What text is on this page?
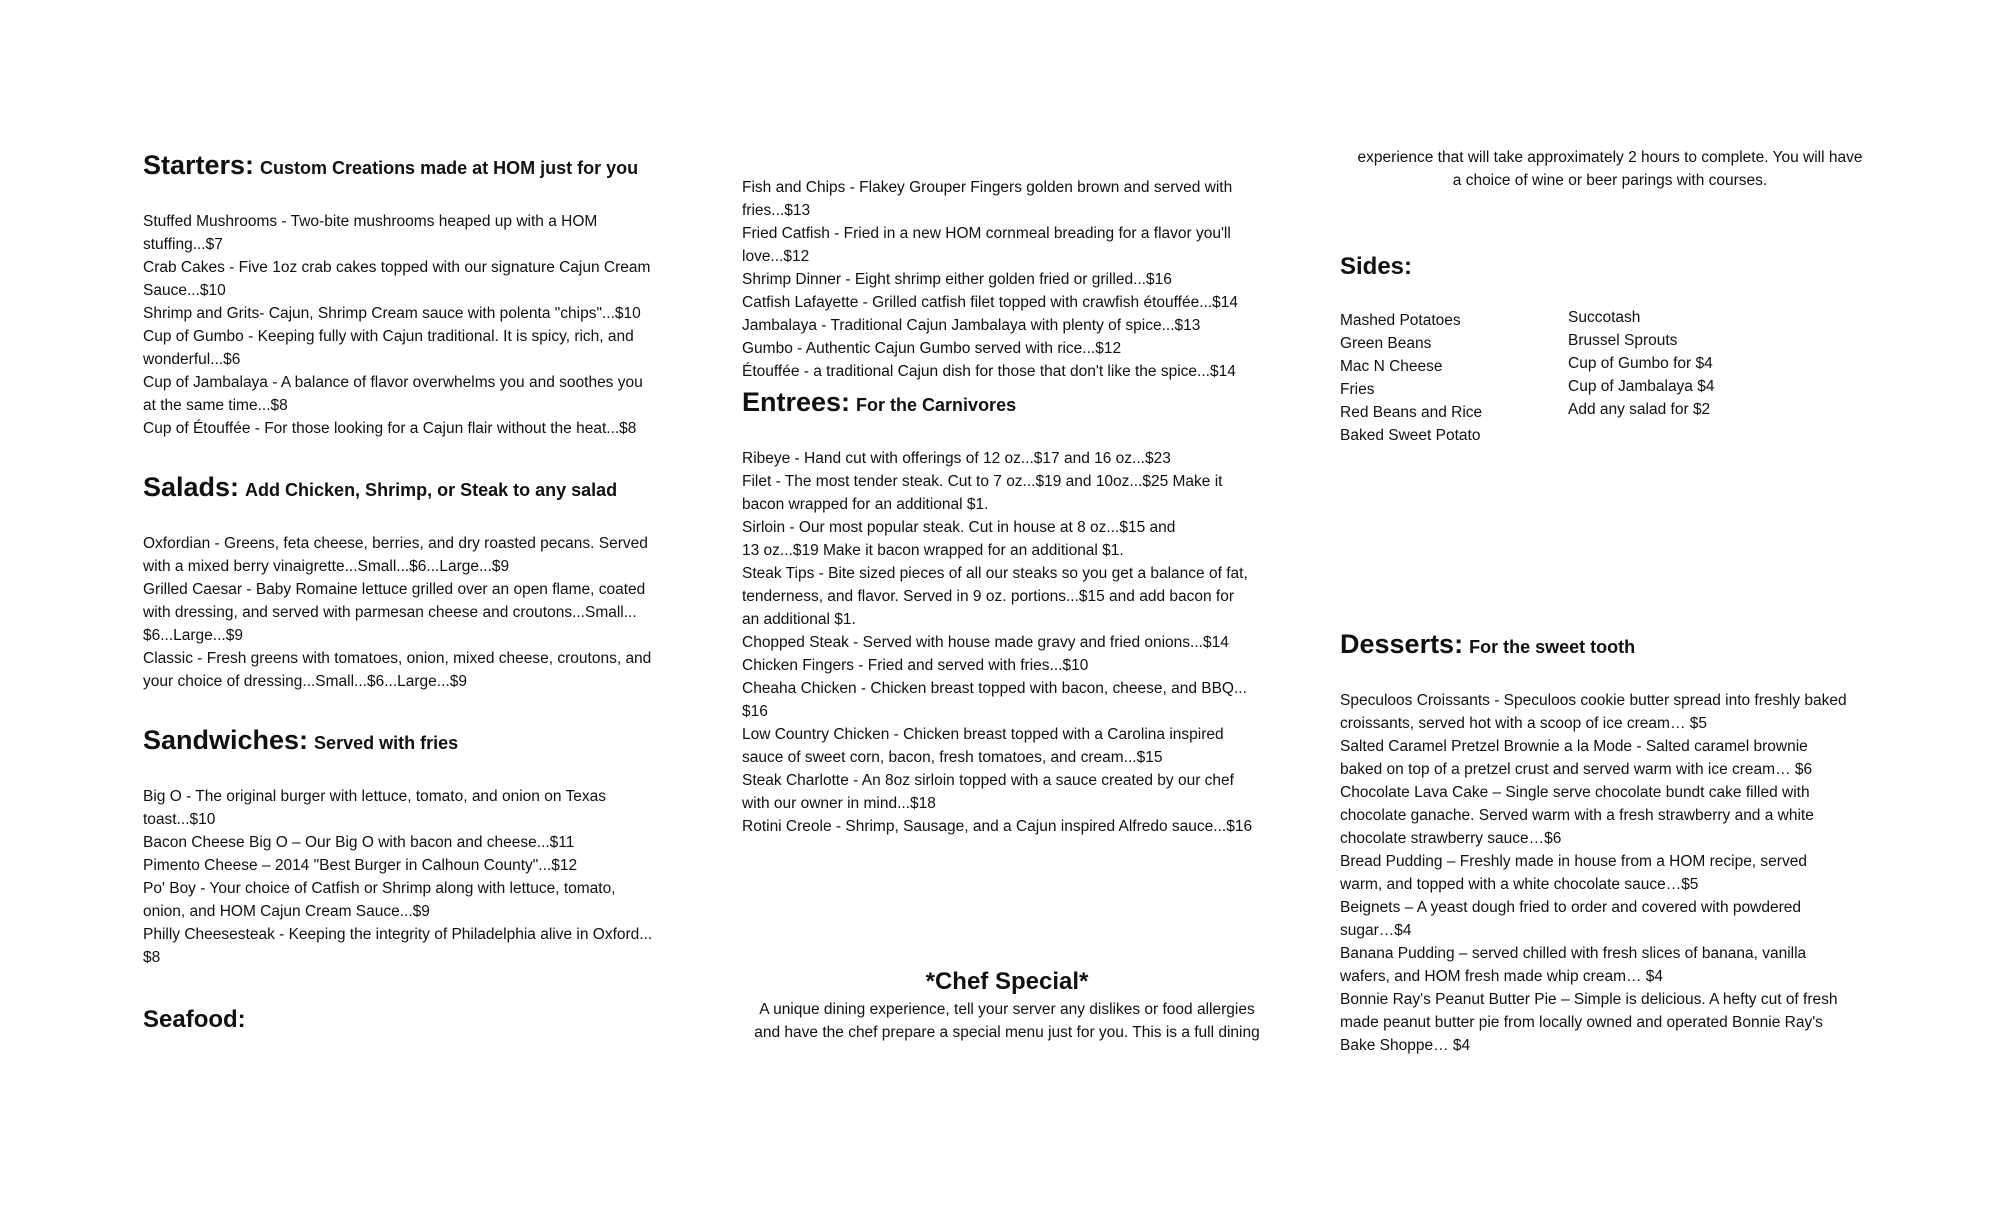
Starters: Custom Creations made at HOM just for you
Stuffed Mushrooms - Two-bite mushrooms heaped up with a HOM
stuffing...$7
Crab Cakes - Five 1oz crab cakes topped with our signature Cajun Cream
Sauce...$10
Shrimp and Grits- Cajun, Shrimp Cream sauce with polenta "chips"...$10
Cup of Gumbo - Keeping fully with Cajun traditional. It is spicy, rich, and
wonderful...$6
Cup of Jambalaya - A balance of flavor overwhelms you and soothes you
at the same time...$8
Cup of Étouffée - For those looking for a Cajun flair without the heat...$8
Salads: Add Chicken, Shrimp, or Steak to any salad
Oxfordian - Greens, feta cheese, berries, and dry roasted pecans. Served
with a mixed berry vinaigrette...Small...$6...Large...$9
Grilled Caesar - Baby Romaine lettuce grilled over an open flame, coated
with dressing, and served with parmesan cheese and croutons...Small...
$6...Large...$9
Classic - Fresh greens with tomatoes, onion, mixed cheese, croutons, and
your choice of dressing...Small...$6...Large...$9
Sandwiches: Served with fries
Big O - The original burger with lettuce, tomato, and onion on Texas
toast...$10
Bacon Cheese Big O – Our Big O with bacon and cheese...$11
Pimento Cheese – 2014 "Best Burger in Calhoun County"...$12
Po' Boy - Your choice of Catfish or Shrimp along with lettuce, tomato,
onion, and HOM Cajun Cream Sauce...$9
Philly Cheesesteak - Keeping the integrity of Philadelphia alive in Oxford...
$8
Seafood:
Fish and Chips - Flakey Grouper Fingers golden brown and served with
fries...$13
Fried Catfish - Fried in a new HOM cornmeal breading for a flavor you'll
love...$12
Shrimp Dinner - Eight shrimp either golden fried or grilled...$16
Catfish Lafayette - Grilled catfish filet topped with crawfish étouffée...$14
Jambalaya - Traditional Cajun Jambalaya with plenty of spice...$13
Gumbo - Authentic Cajun Gumbo served with rice...$12
Étouffée - a traditional Cajun dish for those that don't like the spice...$14
Entrees: For the Carnivores
Ribeye - Hand cut with offerings of 12 oz...$17 and 16 oz...$23
Filet - The most tender steak. Cut to 7 oz...$19 and 10oz...$25 Make it
bacon wrapped for an additional $1.
Sirloin - Our most popular steak. Cut in house at 8 oz...$15 and
13 oz...$19 Make it bacon wrapped for an additional $1.
Steak Tips - Bite sized pieces of all our steaks so you get a balance of fat,
tenderness, and flavor. Served in 9 oz. portions...$15 and add bacon for
an additional $1.
Chopped Steak - Served with house made gravy and fried onions...$14
Chicken Fingers - Fried and served with fries...$10
Cheaha Chicken - Chicken breast topped with bacon, cheese, and BBQ...
$16
Low Country Chicken - Chicken breast topped with a Carolina inspired
sauce of sweet corn, bacon, fresh tomatoes, and cream...$15
Steak Charlotte - An 8oz sirloin topped with a sauce created by our chef
with our owner in mind...$18
Rotini Creole - Shrimp, Sausage, and a Cajun inspired Alfredo sauce...$16
*Chef Special*
A unique dining experience, tell your server any dislikes or food allergies
and have the chef prepare a special menu just for you. This is a full dining
experience that will take approximately 2 hours to complete. You will have
a choice of wine or beer parings with courses.
Sides:
Mashed Potatoes
Green Beans
Mac N Cheese
Fries
Red Beans and Rice
Baked Sweet Potato
Succotash
Brussel Sprouts
Cup of Gumbo for $4
Cup of Jambalaya $4
Add any salad for $2
Desserts: For the sweet tooth
Speculoos Croissants - Speculoos cookie butter spread into freshly baked
croissants, served hot with a scoop of ice cream… $5
Salted Caramel Pretzel Brownie a la Mode - Salted caramel brownie
baked on top of a pretzel crust and served warm with ice cream… $6
Chocolate Lava Cake – Single serve chocolate bundt cake filled with
chocolate ganache. Served warm with a fresh strawberry and a white
chocolate strawberry sauce…$6
Bread Pudding – Freshly made in house from a HOM recipe, served
warm, and topped with a white chocolate sauce…$5
Beignets – A yeast dough fried to order and covered with powdered
sugar…$4
Banana Pudding – served chilled with fresh slices of banana, vanilla
wafers, and HOM fresh made whip cream… $4
Bonnie Ray's Peanut Butter Pie – Simple is delicious. A hefty cut of fresh
made peanut butter pie from locally owned and operated Bonnie Ray's
Bake Shoppe… $4
